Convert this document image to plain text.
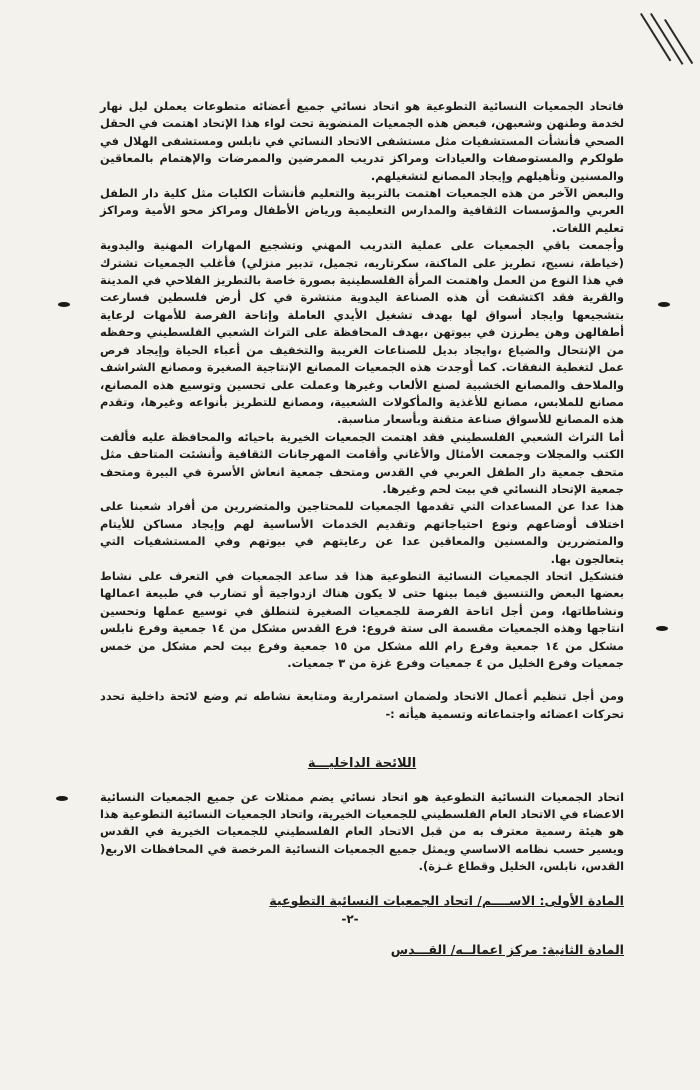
فاتحاد الجمعيات النسائية التطوعية هو اتحاد نسائي جميع أعضائه متطوعات يعملن ليل نهار لخدمة وطنهن وشعبهن، فبعض هذه الجمعيات المنضوية تحت لواء هذا الإتحاد اهتمت في الحقل الصحي فأنشأت المستشفيات مثل مستشفى الاتحاد النسائي في نابلس ومستشفى الهلال في طولكرم والمستوصفات والعيادات ومراكز تدريب الممرضين والممرضات والإهتمام بالمعاقين والمسنين وتأهيلهم وإيجاد المصانع لتشغيلهم.

والبعض الآخر من هذه الجمعيات اهتمت بالتربية والتعليم فأنشأت الكليات مثل كلية دار الطفل العربي والمؤسسات الثقافية والمدارس التعليمية ورياض الأطفال ومراكز محو الأمية ومراكز تعليم اللغات.

وأجمعت باقي الجمعيات على عملية التدريب المهني وتشجيع المهارات المهنية واليدوية (خياطة، نسيج، تطريز على الماكنة، سكرتاريه، تجميل، تدبير منزلي) فأغلب الجمعيات تشترك في هذا النوع من العمل واهتمت المرأة الفلسطينية بصورة خاصة بالتطريز الفلاحي في المدينة والقرية فقد اكتشفت أن هذه الصناعة اليدوية منتشرة في كل أرض فلسطين فسارعت بتشجيعها وايجاد أسواق لها بهدف تشغيل الأيدي العاملة وإتاحة الفرصة للأمهات لرعاية أطفالهن وهن يطرزن في بيوتهن ،بهدف المحافظة على التراث الشعبي الفلسطيني وحفظه من الإنتحال والضياع ،وايجاد بديل للصناعات الغريبة والتخفيف من أعباء الحياة وإيجاد فرص عمل لتغطية النفقات. كما أوجدت هذه الجمعيات المصانع الإنتاجية الصغيرة ومصانع الشراشف والملاحف والمصانع الخشبية لصنع الألعاب وغيرها وعملت على تحسين وتوسيع هذه المصانع، مصانع للملابس، مصانع للأغذية والمأكولات الشعبية، ومصانع للتطريز بأنواعه وغيرها، وتقدم هذه المصانع للأسواق صناعة متقنة وبأسعار مناسبة.

أما التراث الشعبي الفلسطيني فقد اهتمت الجمعيات الخيرية باحيائه والمحافظة عليه فألفت الكتب والمجلات وجمعت الأمثال والأغاني وأقامت المهرجانات الثقافية وأنشئت المتاحف مثل متحف جمعية دار الطفل العربي في القدس ومتحف جمعية انعاش الأسرة في البيرة ومتحف جمعية الإتحاد النسائي في بيت لحم وغيرها.

هذا عدا عن المساعدات التي تقدمها الجمعيات للمحتاجين والمتضررين من أفراد شعبنا على اختلاف أوضاعهم ونوع احتياجاتهم وتقديم الخدمات الأساسية لهم وإيجاد مساكن للأيتام والمتضررين والمسنين والمعاقين عدا عن رعايتهم في بيوتهم وفي المستشفيات التي يتعالجون بها.

فتشكيل اتحاد الجمعيات النسائية التطوعية هذا قد ساعد الجمعيات في التعرف على نشاط بعضها البعض والتنسيق فيما بينها حتى لا يكون هناك ازدواجية أو تضارب في طبيعة اعمالها ونشاطاتها، ومن أجل اتاحة الفرصة للجمعيات الصغيرة لتنطلق في توسيع عملها وتحسين انتاجها وهذه الجمعيات مقسمة الى ستة فروع: فرع القدس مشكل من ١٤ جمعية وفرع نابلس مشكل من ١٤ جمعية وفرع رام الله مشكل من ١٥ جمعية وفرع بيت لحم مشكل من خمس جمعيات وفرع الخليل من ٤ جمعيات وفرع غزة من ٣ جمعيات.

ومن أجل تنظيم أعمال الاتحاد ولضمان استمرارية ومتابعة نشاطه تم وضع لائحة داخلية تحدد تحركات اعضائه واجتماعاته وتسمية هيأته :-

اللائحة الداخليـــة

اتحاد الجمعيات النسائية التطوعية هو اتحاد نسائي يضم ممثلات عن جميع الجمعيات النسائية الاعضاء في الاتحاد العام الفلسطيني للجمعيات الخيرية، واتحاد الجمعيات النسائية التطوعية هذا هو هيئة رسمية معترف به من قبل الاتحاد العام الفلسطيني للجمعيات الخيرية في القدس ويسير حسب نظامه الاساسي ويمثل جميع الجمعيات النسائية المرخصة في المحافظات الاربع( القدس، نابلس، الخليل وقطاع غـزة).

المادة الأولى: الاســــم/ اتحاد الجمعيات النسائية التطوعية

المادة الثانية: مركز اعمالــه/ القـــدس

-٢-
